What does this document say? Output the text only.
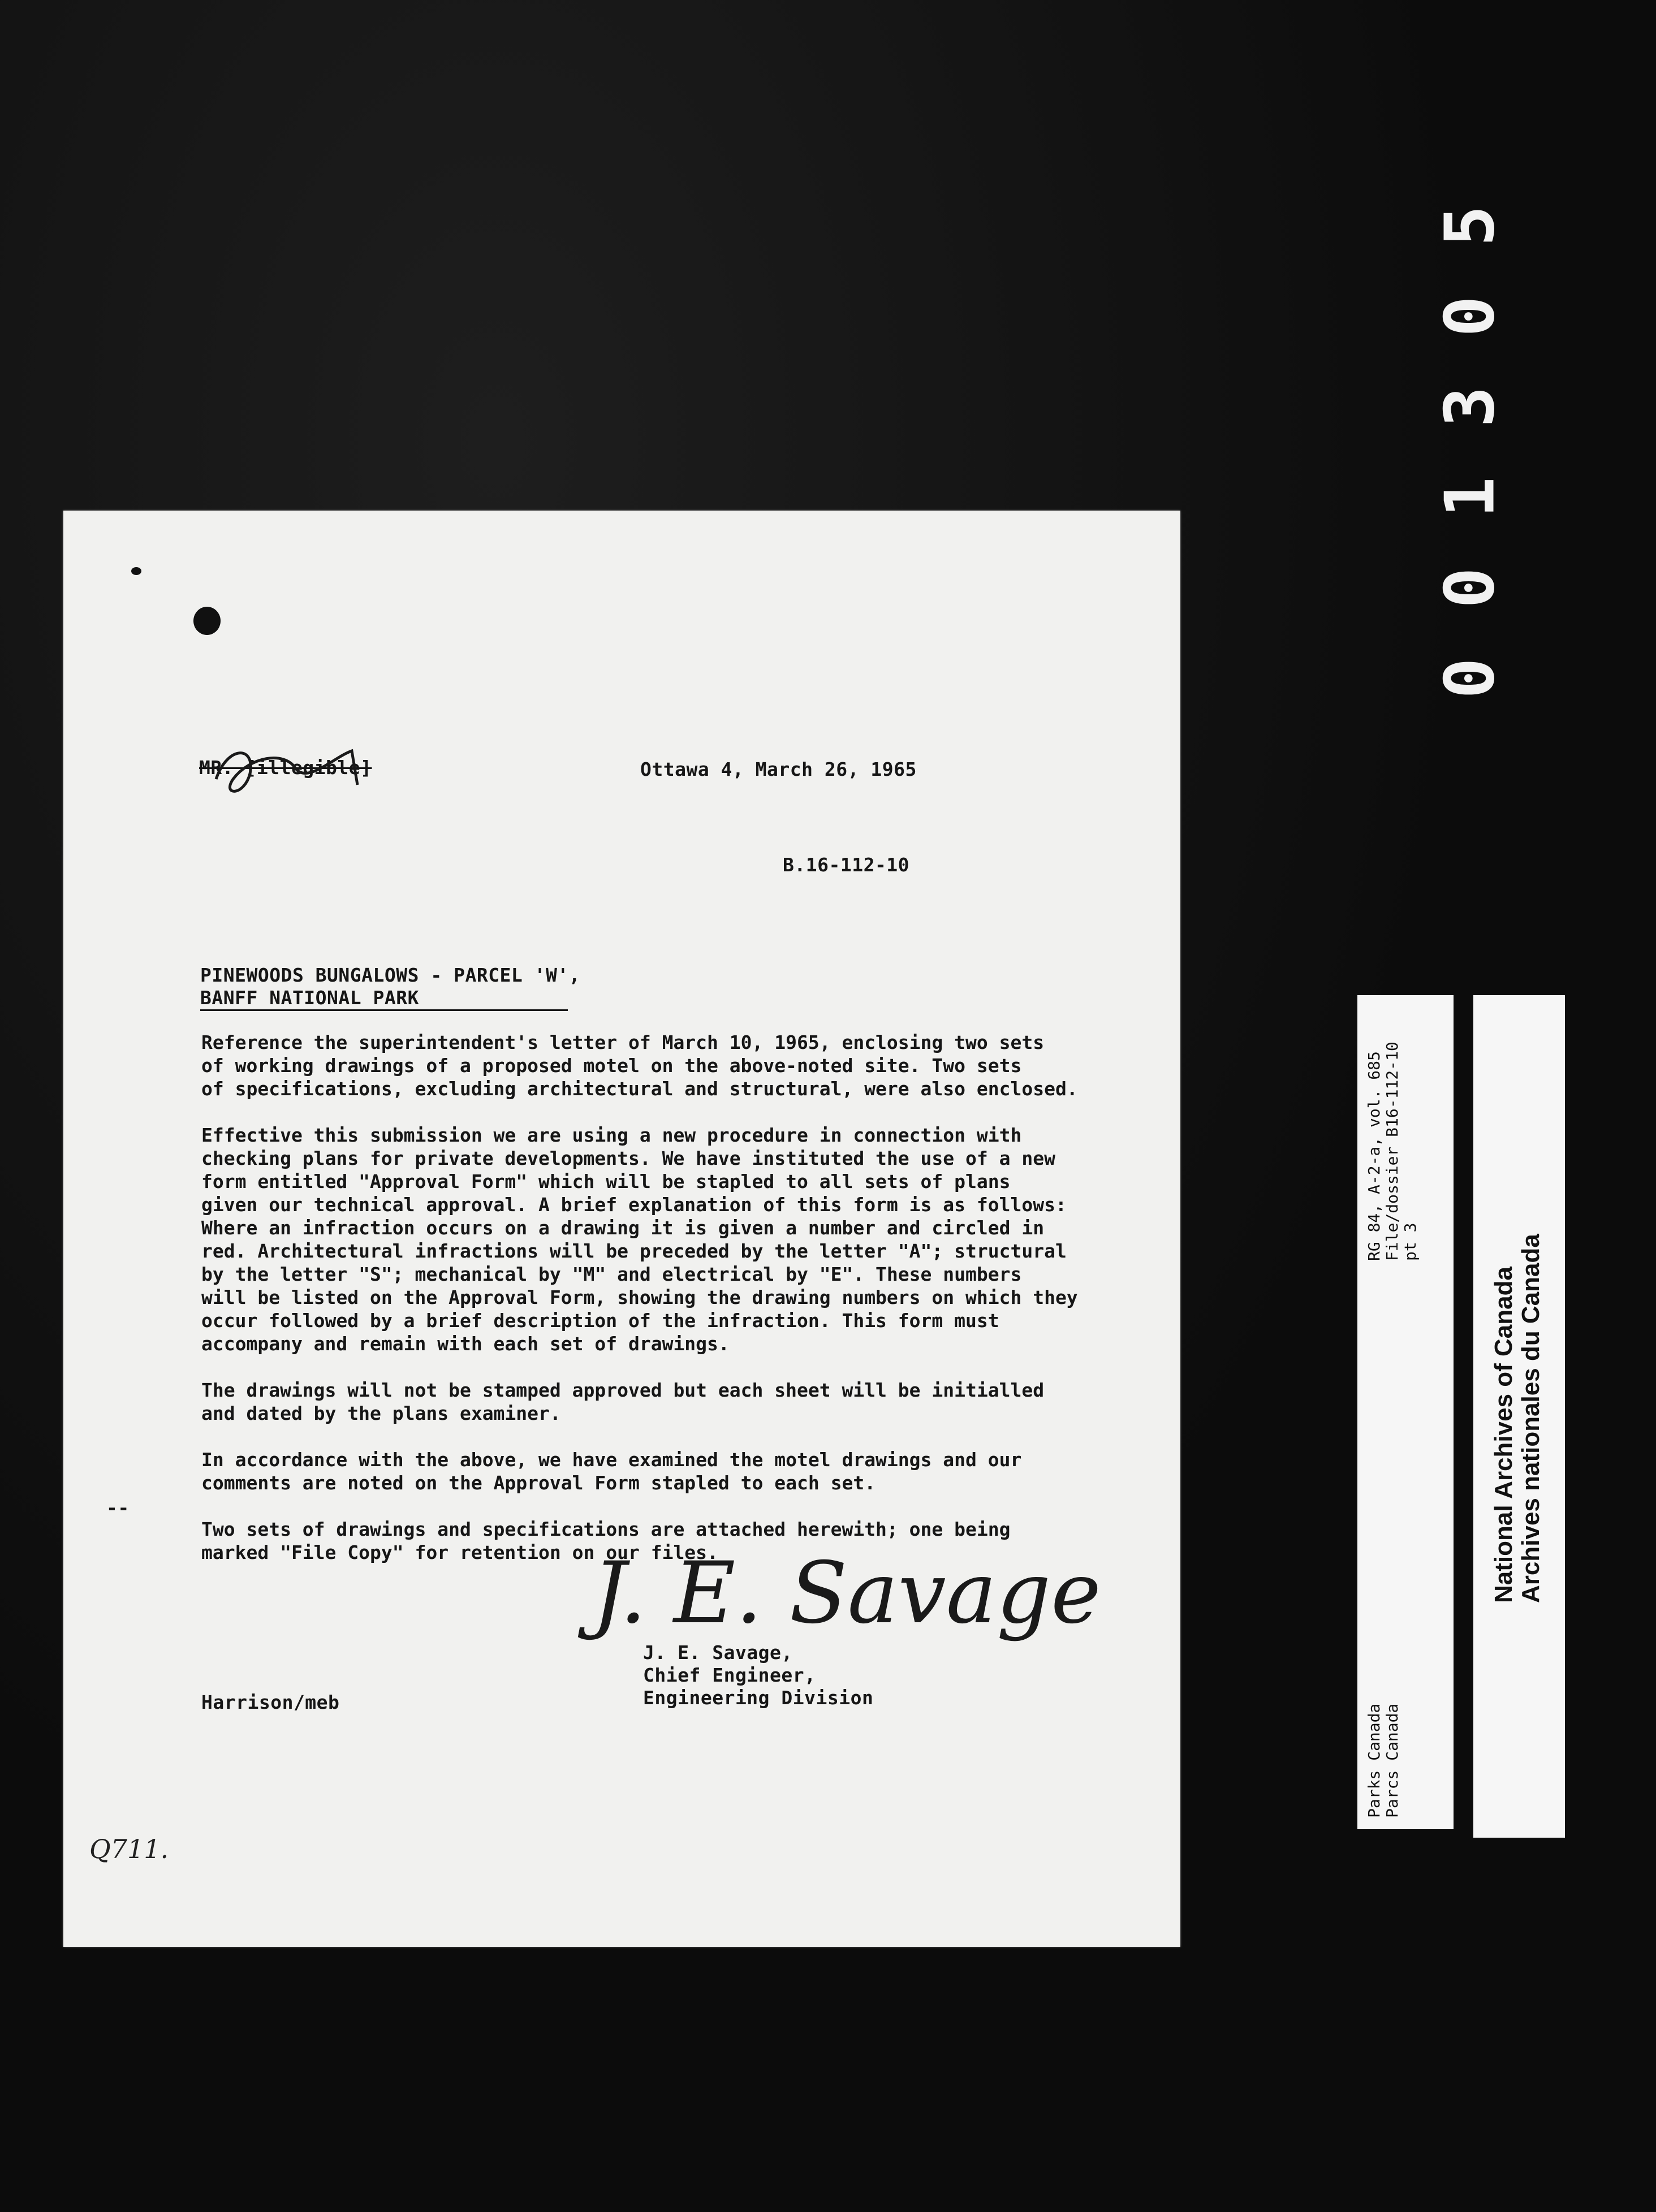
5
0
3
1
0
0
MR. [illegible]	Ottawa 4, March 26, 1965
B.16-112-10
PINEWOODS BUNGALOWS - PARCEL 'W',
BANFF NATIONAL PARK

Reference the superintendent's letter of March 10, 1965, enclosing two sets
of working drawings of a proposed motel on the above-noted site. Two sets
of specifications, excluding architectural and structural, were also enclosed.

Effective this submission we are using a new procedure in connection with
checking plans for private developments. We have instituted the use of a new
form entitled "Approval Form" which will be stapled to all sets of plans
given our technical approval. A brief explanation of this form is as follows:
Where an infraction occurs on a drawing it is given a number and circled in
red. Architectural infractions will be preceded by the letter "A"; structural
by the letter "S"; mechanical by "M" and electrical by "E". These numbers
will be listed on the Approval Form, showing the drawing numbers on which they
occur followed by a brief description of the infraction. This form must
accompany and remain with each set of drawings.

The drawings will not be stamped approved but each sheet will be initialled
and dated by the plans examiner.

In accordance with the above, we have examined the motel drawings and our
comments are noted on the Approval Form stapled to each set.

Two sets of drawings and specifications are attached herewith; one being
marked "File Copy" for retention on our files.

--
J. E. Savage
J. E. Savage,
Chief Engineer,
Engineering Division
Harrison/meb
Q711.
RG 84, A-2-a, vol. 685 File/dossier B16-112-10 pt 3
Parks Canada Parcs Canada
National Archives of Canada Archives nationales du Canada
